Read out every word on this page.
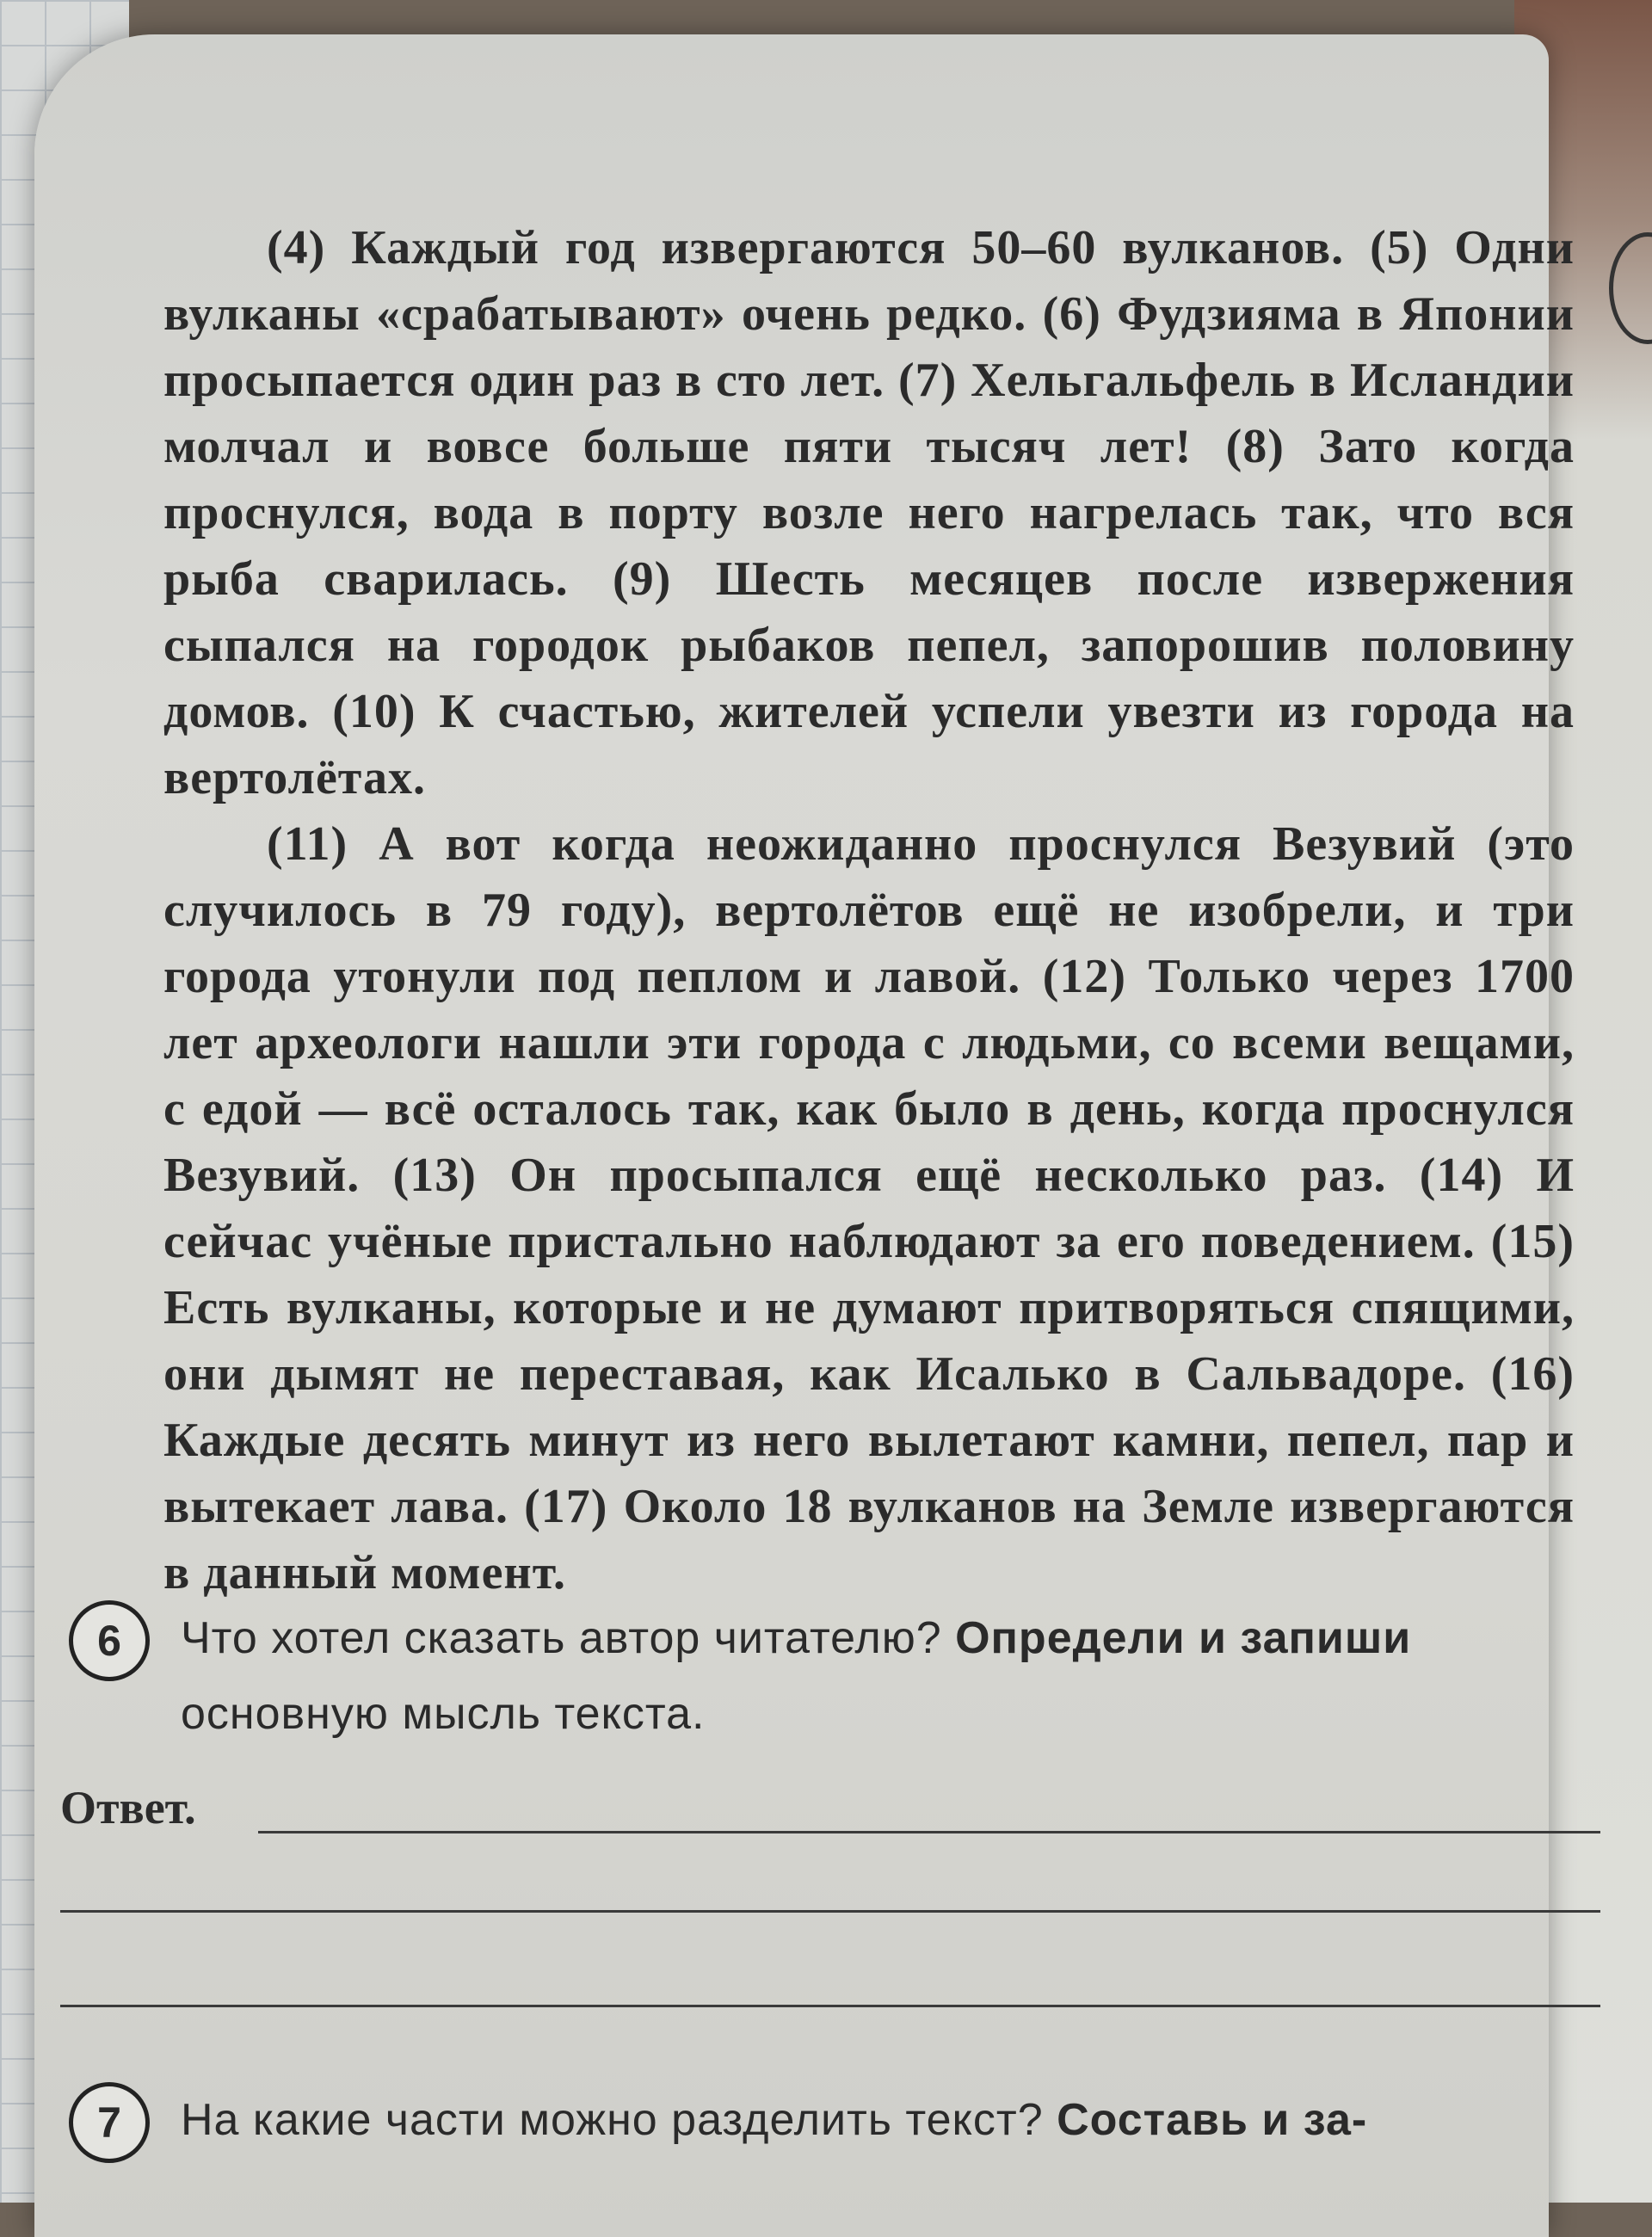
(4) Каждый год извергаются 50–60 вулканов. (5) Одни вулканы «срабатывают» очень редко. (6) Фудзияма в Японии просыпается один раз в сто лет. (7) Хельгальфель в Исландии молчал и вовсе больше пяти тысяч лет! (8) Зато когда проснулся, вода в порту возле него нагрелась так, что вся рыба сварилась. (9) Шесть месяцев после извержения сыпался на городок рыбаков пепел, запорошив половину домов. (10) К счастью, жителей успели увезти из города на вертолётах.

(11) А вот когда неожиданно проснулся Везувий (это случилось в 79 году), вертолётов ещё не изобрели, и три города утонули под пеплом и лавой. (12) Только через 1700 лет археологи нашли эти города с людьми, со всеми вещами, с едой — всё осталось так, как было в день, когда проснулся Везувий. (13) Он просыпался ещё несколько раз. (14) И сейчас учёные пристально наблюдают за его поведением. (15) Есть вулканы, которые и не думают притворяться спящими, они дымят не переставая, как Исалько в Сальвадоре. (16) Каждые десять минут из него вылетают камни, пепел, пар и вытекает лава. (17) Около 18 вулканов на Земле извергаются в данный момент.

6	Что хотел сказать автор читателю? Определи и запиши основную мысль текста.
Ответ.
7	На какие части можно разделить текст? Составь и за-
